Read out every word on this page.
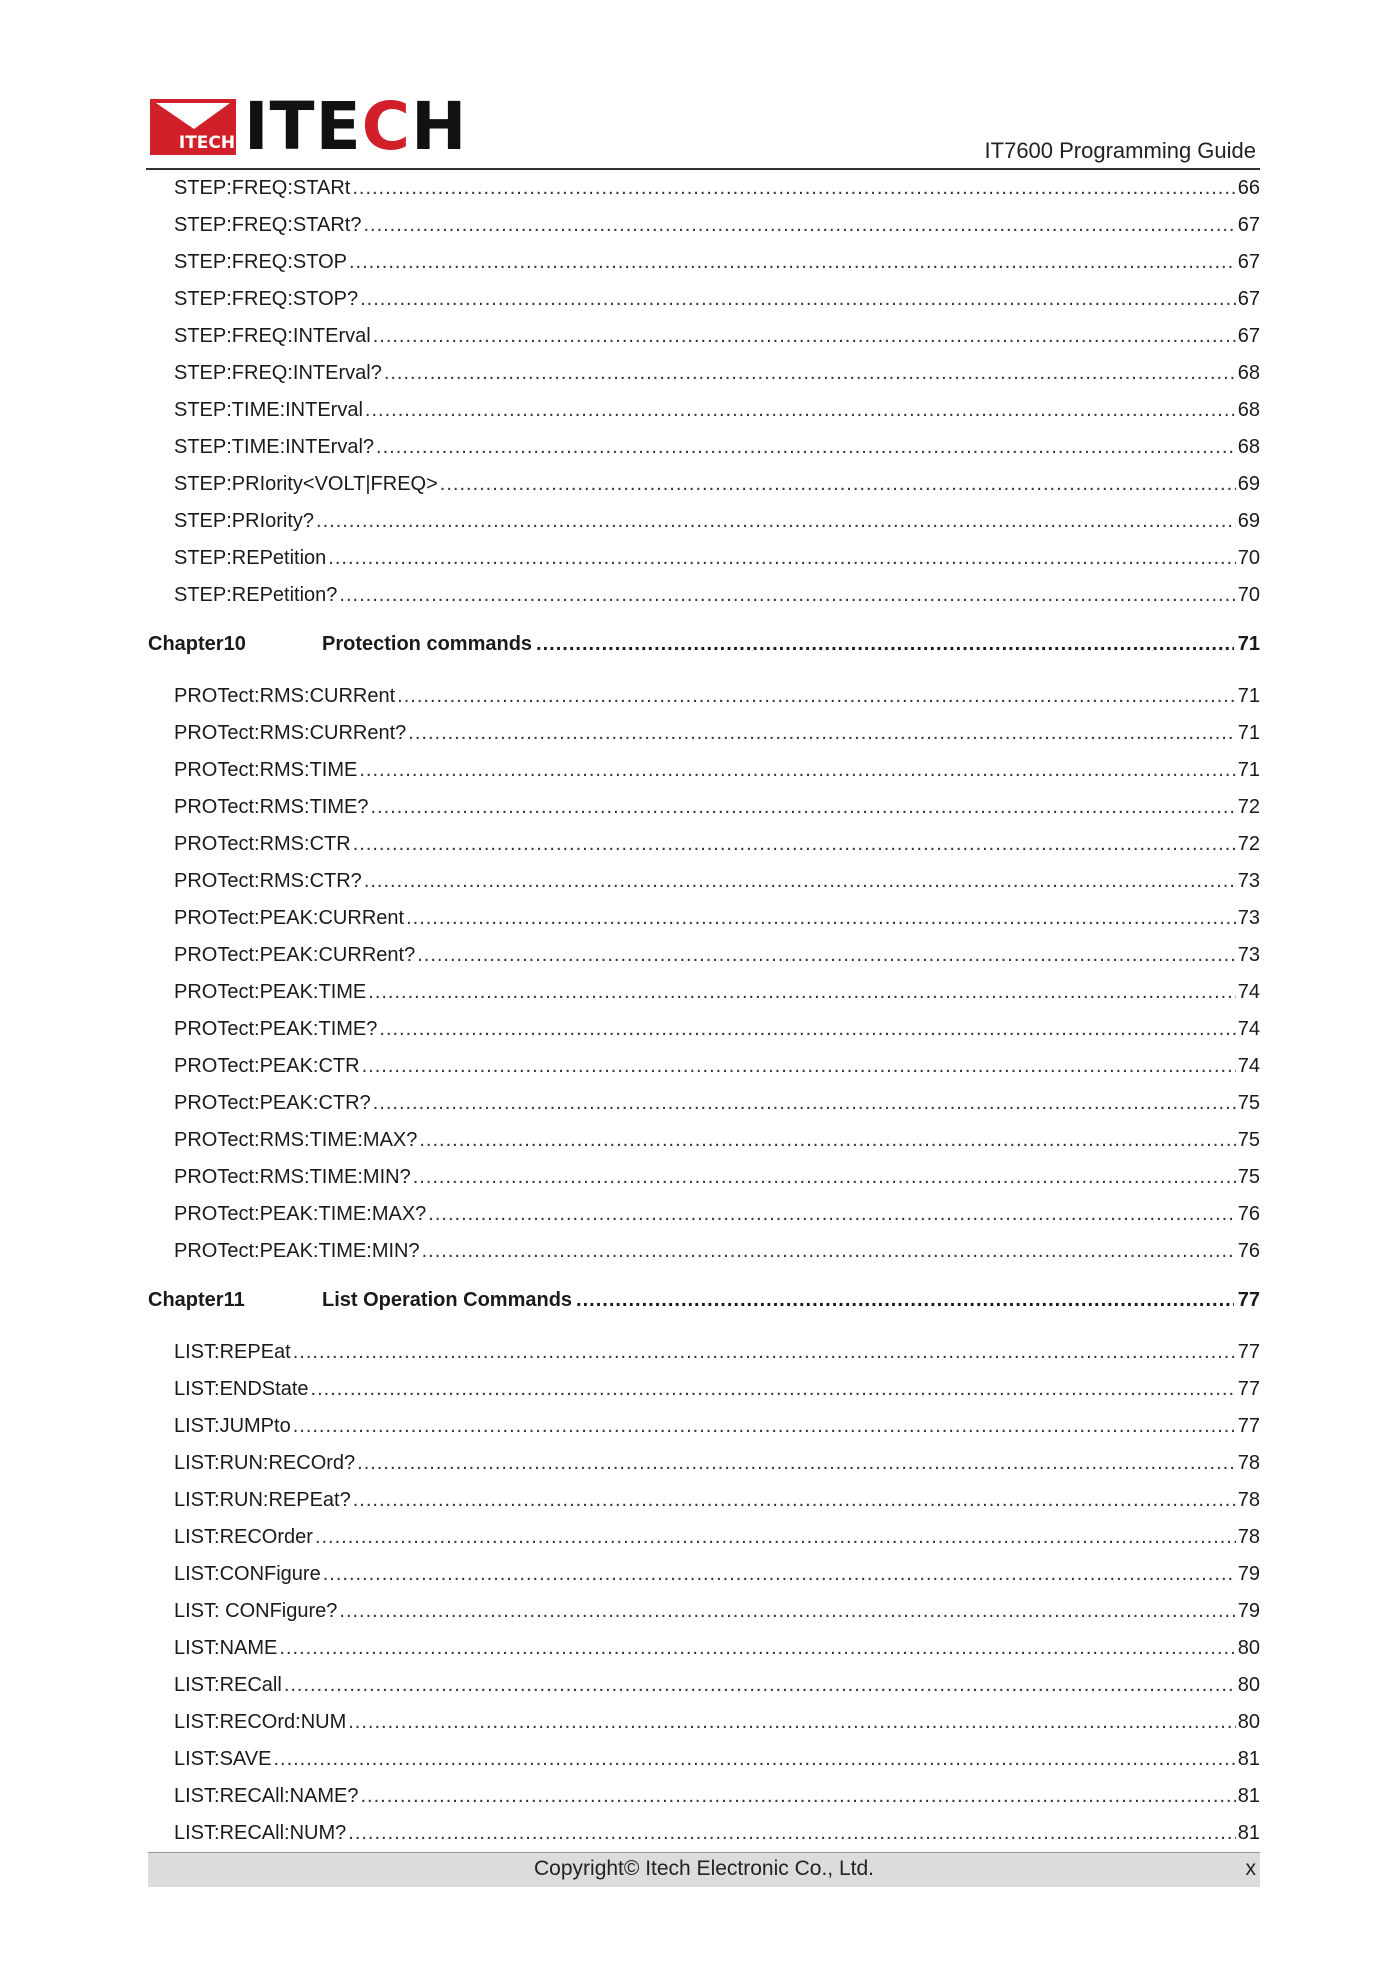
ITECH ITECH	IT7600 Programming Guide
STEP:FREQ:STARt .....	66
STEP:FREQ:STARt? .....	67
STEP:FREQ:STOP .....	67
STEP:FREQ:STOP? .....	67
STEP:FREQ:INTErval .....	67
STEP:FREQ:INTErval? .....	68
STEP:TIME:INTErval .....	68
STEP:TIME:INTErval? .....	68
STEP:PRIority<VOLT|FREQ> .....	69
STEP:PRIority? .....	69
STEP:REPetition .....	70
STEP:REPetition? .....	70
Chapter10	Protection commands .....	71
PROTect:RMS:CURRent .....	71
PROTect:RMS:CURRent? .....	71
PROTect:RMS:TIME .....	71
PROTect:RMS:TIME? .....	72
PROTect:RMS:CTR .....	72
PROTect:RMS:CTR? .....	73
PROTect:PEAK:CURRent .....	73
PROTect:PEAK:CURRent? .....	73
PROTect:PEAK:TIME .....	74
PROTect:PEAK:TIME? .....	74
PROTect:PEAK:CTR .....	74
PROTect:PEAK:CTR? .....	75
PROTect:RMS:TIME:MAX? .....	75
PROTect:RMS:TIME:MIN? .....	75
PROTect:PEAK:TIME:MAX? .....	76
PROTect:PEAK:TIME:MIN? .....	76
Chapter11	List Operation Commands .....	77
LIST:REPEat .....	77
LIST:ENDState .....	77
LIST:JUMPto .....	77
LIST:RUN:RECOrd? .....	78
LIST:RUN:REPEat? .....	78
LIST:RECOrder .....	78
LIST:CONFigure .....	79
LIST: CONFigure? .....	79
LIST:NAME .....	80
LIST:RECall .....	80
LIST:RECOrd:NUM .....	80
LIST:SAVE .....	81
LIST:RECAll:NAME? .....	81
LIST:RECAll:NUM? .....	81
Copyright© Itech Electronic Co., Ltd.	x
